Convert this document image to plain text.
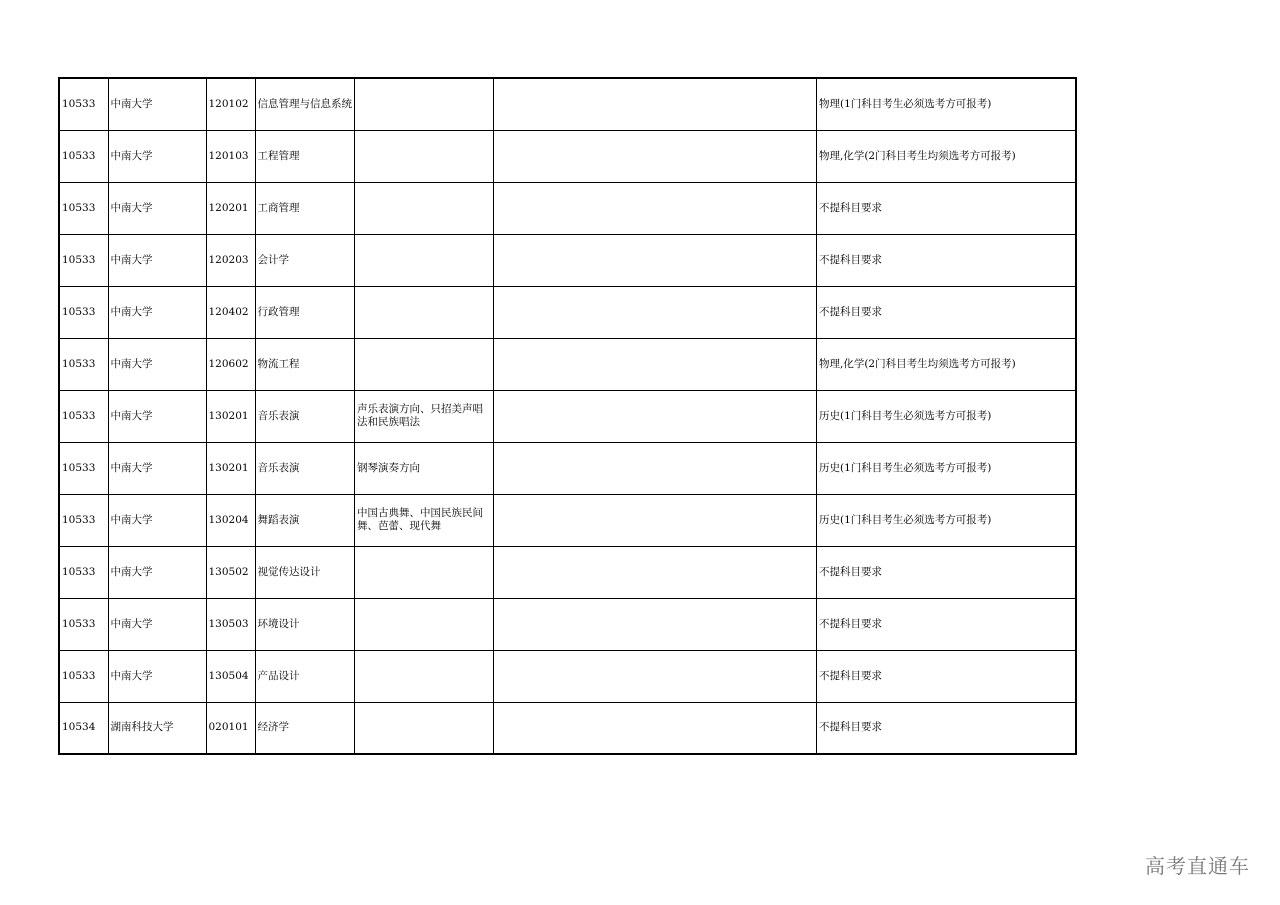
10533	中南大学	120102	信息管理与信息系统			物理(1门科目考生必须选考方可报考)
10533	中南大学	120103	工程管理			物理,化学(2门科目考生均须选考方可报考)
10533	中南大学	120201	工商管理			不提科目要求
10533	中南大学	120203	会计学			不提科目要求
10533	中南大学	120402	行政管理			不提科目要求
10533	中南大学	120602	物流工程			物理,化学(2门科目考生均须选考方可报考)
10533	中南大学	130201	音乐表演	声乐表演方向、只招美声唱法和民族唱法		历史(1门科目考生必须选考方可报考)
10533	中南大学	130201	音乐表演	钢琴演奏方向		历史(1门科目考生必须选考方可报考)
10533	中南大学	130204	舞蹈表演	中国古典舞、中国民族民间舞、芭蕾、现代舞		历史(1门科目考生必须选考方可报考)
10533	中南大学	130502	视觉传达设计			不提科目要求
10533	中南大学	130503	环境设计			不提科目要求
10533	中南大学	130504	产品设计			不提科目要求
10534	湖南科技大学	020101	经济学			不提科目要求
高考直通车
